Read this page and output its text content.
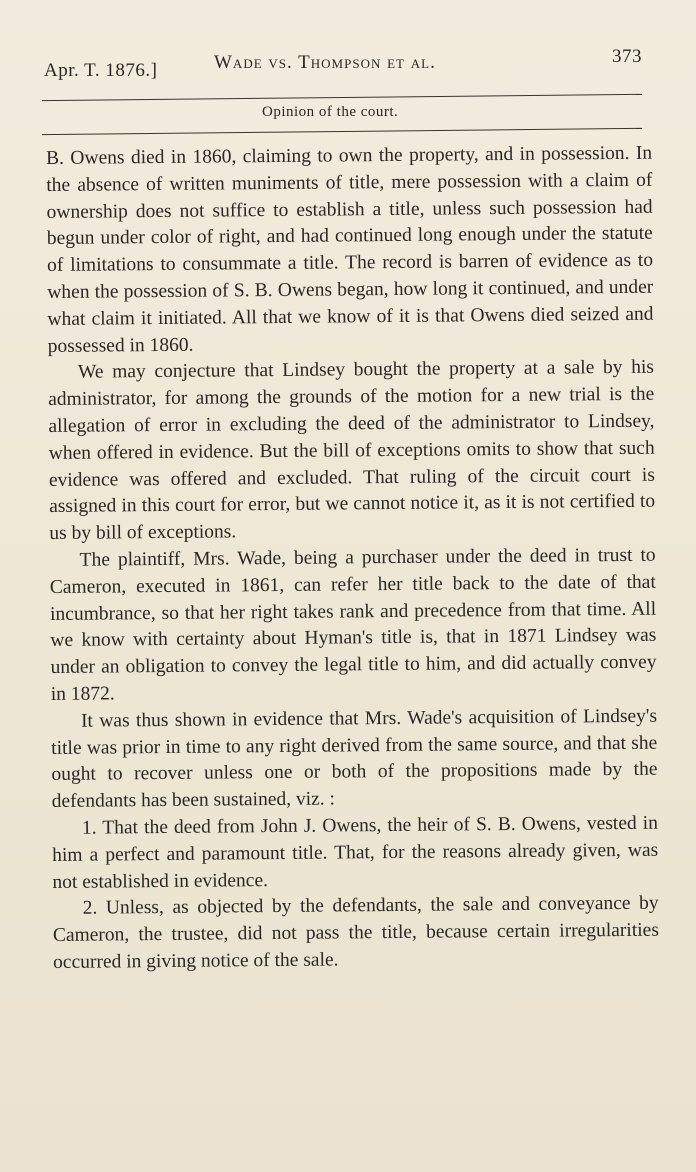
Apr. T. 1876.]	Wade vs. Thompson et al.	373
Opinion of the court.

B. Owens died in 1860, claiming to own the property, and in possession. In the absence of written muniments of title, mere possession with a claim of ownership does not suffice to establish a title, unless such possession had begun under color of right, and had continued long enough under the statute of limitations to consummate a title. The record is barren of evidence as to when the possession of S. B. Owens began, how long it continued, and under what claim it initiated. All that we know of it is that Owens died seized and possessed in 1860.

We may conjecture that Lindsey bought the property at a sale by his administrator, for among the grounds of the motion for a new trial is the allegation of error in excluding the deed of the administrator to Lindsey, when offered in evidence. But the bill of exceptions omits to show that such evidence was offered and excluded. That ruling of the circuit court is assigned in this court for error, but we cannot notice it, as it is not certified to us by bill of exceptions.

The plaintiff, Mrs. Wade, being a purchaser under the deed in trust to Cameron, executed in 1861, can refer her title back to the date of that incumbrance, so that her right takes rank and precedence from that time. All we know with certainty about Hyman's title is, that in 1871 Lindsey was under an obligation to convey the legal title to him, and did actually convey in 1872.

It was thus shown in evidence that Mrs. Wade's acquisition of Lindsey's title was prior in time to any right derived from the same source, and that she ought to recover unless one or both of the propositions made by the defendants has been sustained, viz. :

1. That the deed from John J. Owens, the heir of S. B. Owens, vested in him a perfect and paramount title. That, for the reasons already given, was not established in evidence.

2. Unless, as objected by the defendants, the sale and conveyance by Cameron, the trustee, did not pass the title, because certain irregularities occurred in giving notice of the sale.
